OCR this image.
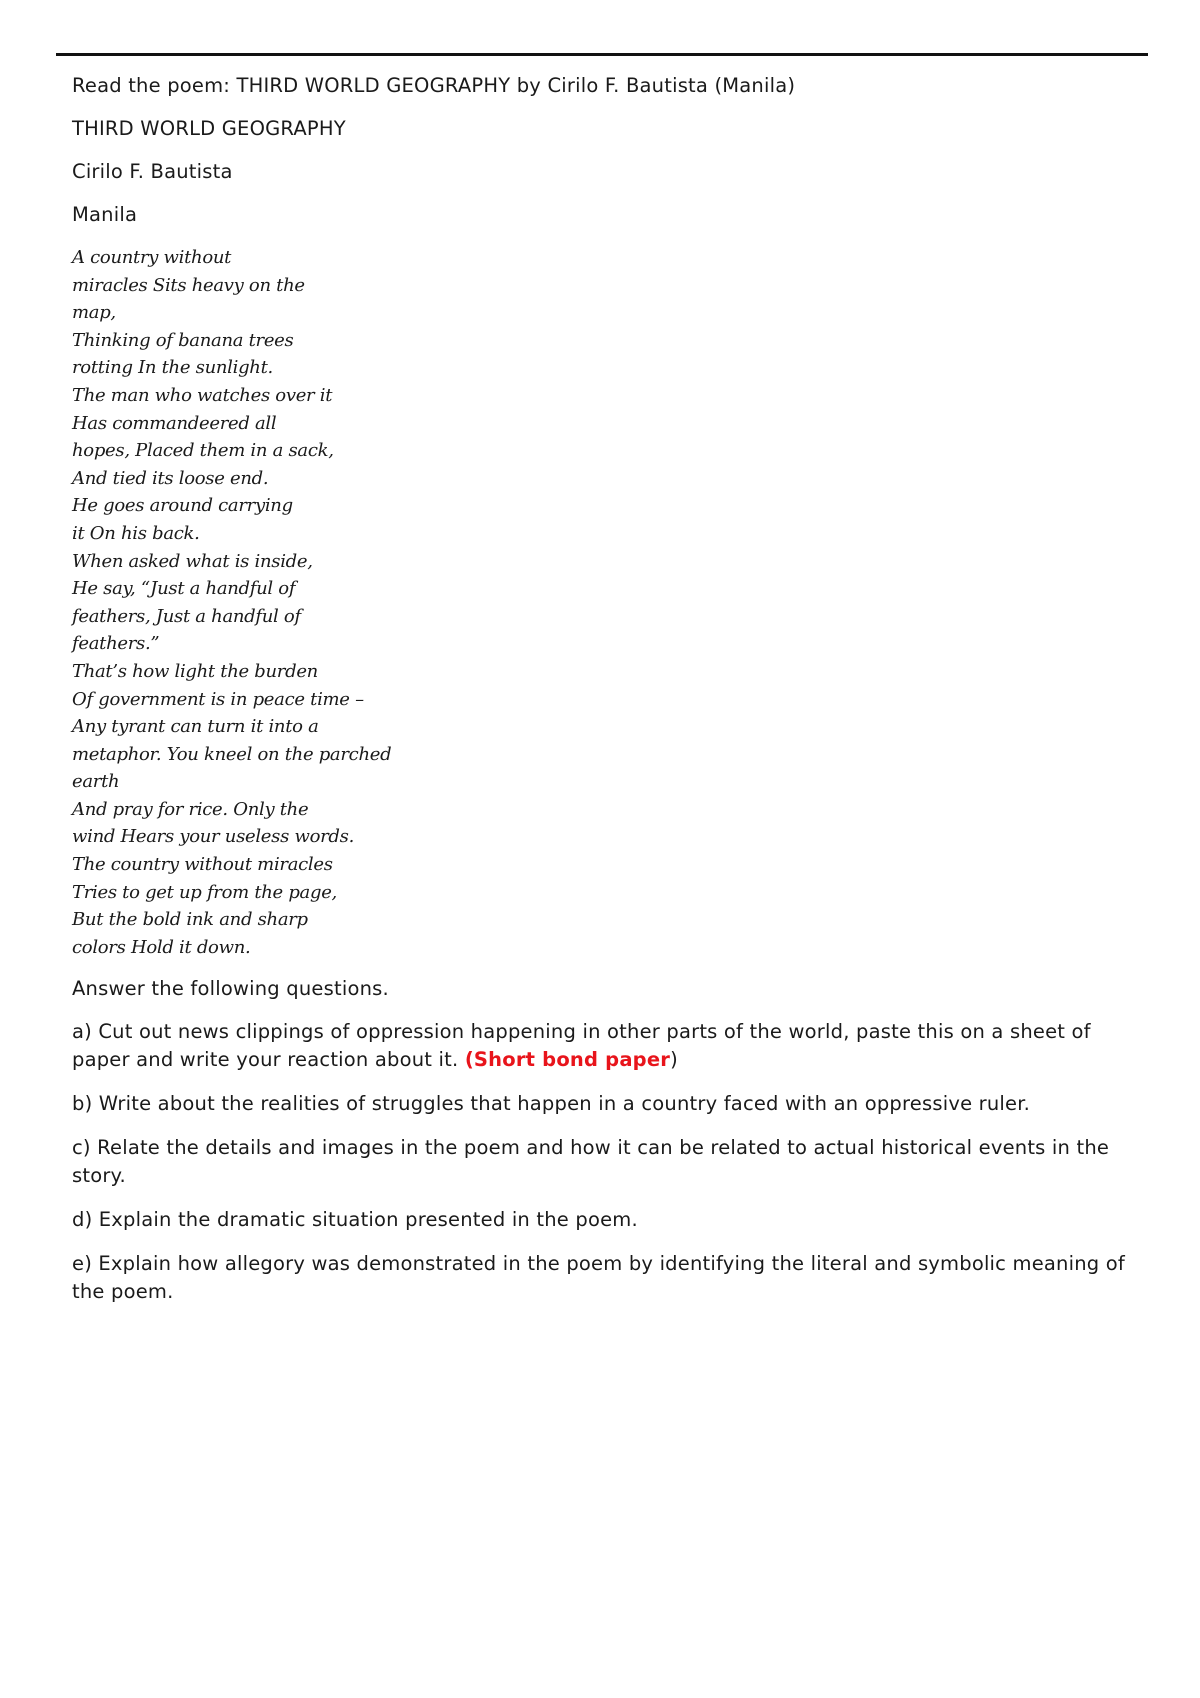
Read the poem: THIRD WORLD GEOGRAPHY by Cirilo F. Bautista (Manila)

THIRD WORLD GEOGRAPHY

Cirilo F. Bautista

Manila

A country without
miracles Sits heavy on the
map,
Thinking of banana trees
rotting In the sunlight.
The man who watches over it
Has commandeered all
hopes, Placed them in a sack,
And tied its loose end.
He goes around carrying
it On his back.
When asked what is inside,
He say, “Just a handful of
feathers, Just a handful of
feathers.”
That’s how light the burden
Of government is in peace time –
Any tyrant can turn it into a
metaphor. You kneel on the parched
earth
And pray for rice. Only the
wind Hears your useless words.
The country without miracles
Tries to get up from the page,
But the bold ink and sharp
colors Hold it down.

Answer the following questions.

a) Cut out news clippings of oppression happening in other parts of the world, paste this on a sheet of paper and write your reaction about it. (Short bond paper)

b) Write about the realities of struggles that happen in a country faced with an oppressive ruler.

c) Relate the details and images in the poem and how it can be related to actual historical events in the story.

d) Explain the dramatic situation presented in the poem.

e) Explain how allegory was demonstrated in the poem by identifying the literal and symbolic meaning of the poem.
